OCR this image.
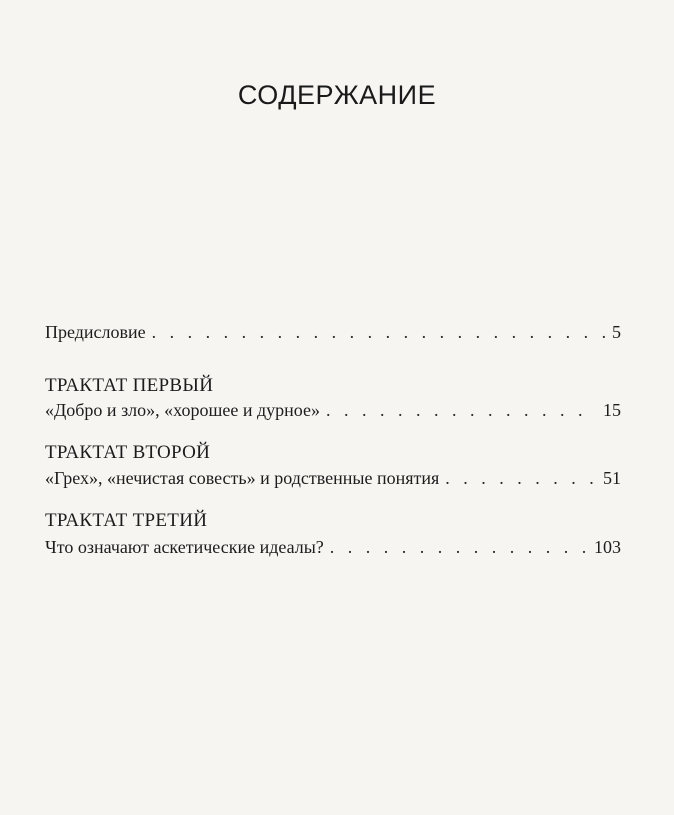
СОДЕРЖАНИЕ
Предисловие . . .	5
ТРАКТАТ ПЕРВЫЙ
«Добро и зло», «хорошее и дурное» . . .	15
ТРАКТАТ ВТОРОЙ
«Грех», «нечистая совесть» и родственные понятия . . .	51
ТРАКТАТ ТРЕТИЙ
Что означают аскетические идеалы? . . .	103
